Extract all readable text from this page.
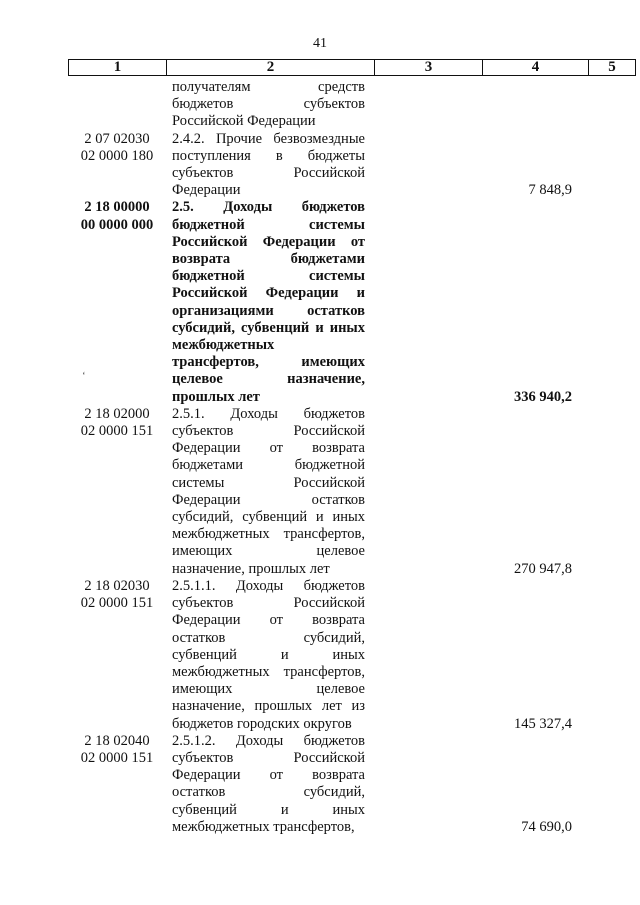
41
1	2	3	4	5
получателям средств
бюджетов субъектов
Российской Федерации
2 07 02030
02 0000 180
2.4.2. Прочие безвозмездные
поступления в бюджеты
субъектов Российской
Федерации	7 848,9
2 18 00000
00 0000 000
2.5. Доходы бюджетов
бюджетной системы
Российской Федерации от
возврата бюджетами
бюджетной системы
Российской Федерации и
организациями остатков
субсидий, субвенций и иных
межбюджетных
трансфертов, имеющих
целевое назначение,
прошлых лет	336 940,2
2 18 02000
02 0000 151
2.5.1. Доходы бюджетов
субъектов Российской
Федерации от возврата
бюджетами бюджетной
системы Российской
Федерации остатков
субсидий, субвенций и иных
межбюджетных трансфертов,
имеющих целевое
назначение, прошлых лет	270 947,8
2 18 02030
02 0000 151
2.5.1.1. Доходы бюджетов
субъектов Российской
Федерации от возврата
остатков субсидий,
субвенций и иных
межбюджетных трансфертов,
имеющих целевое
назначение, прошлых лет из
бюджетов городских округов	145 327,4
2 18 02040
02 0000 151
2.5.1.2. Доходы бюджетов
субъектов Российской
Федерации от возврата
остатков субсидий,
субвенций и иных
межбюджетных трансфертов,	74 690,0
‘
